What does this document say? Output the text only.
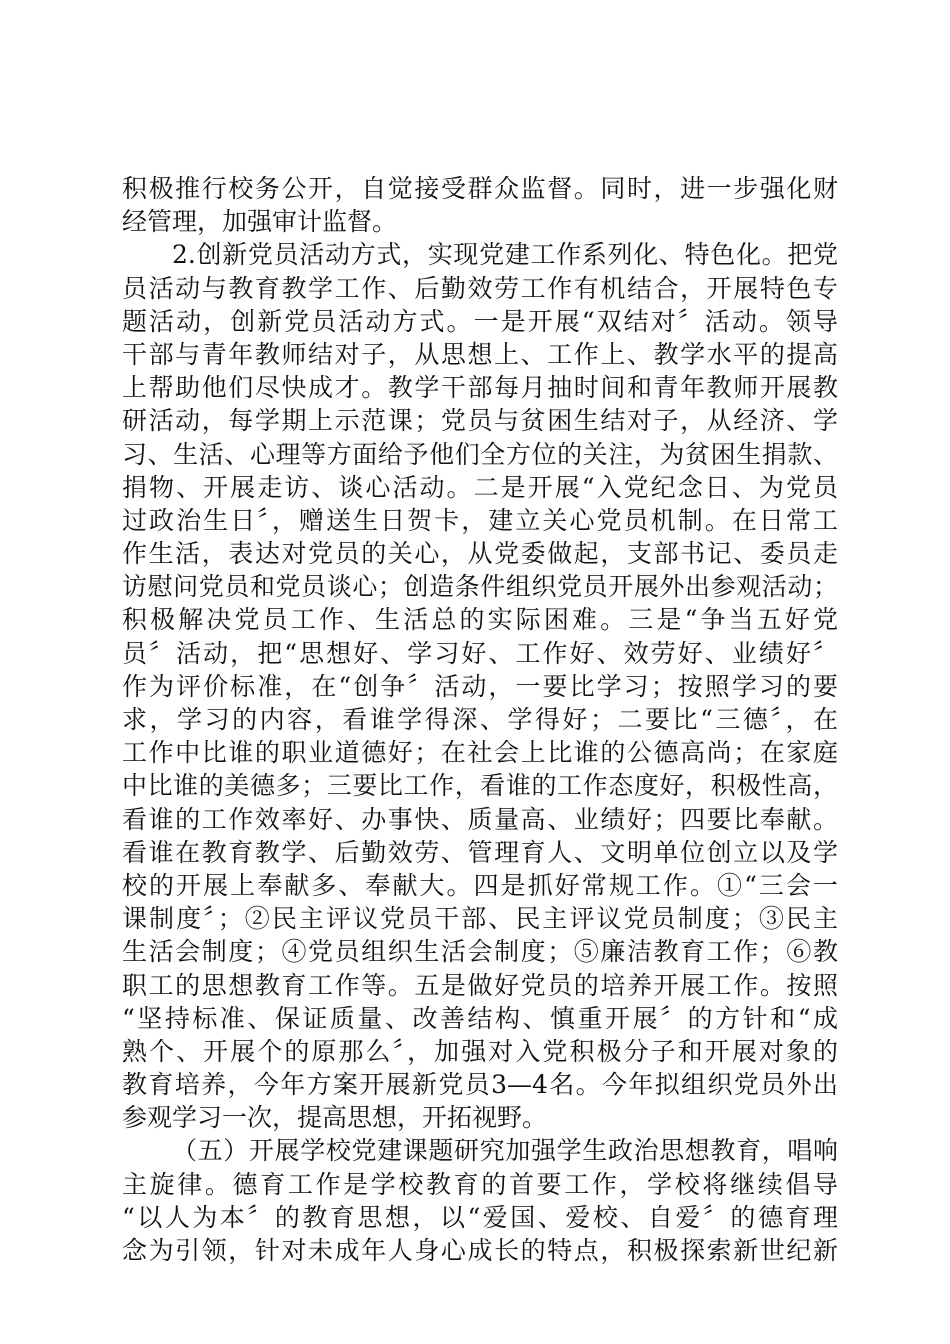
积极推行校务公开，自觉接受群众监督。同时，进一步强化财
经管理，加强审计监督。
2.创新党员活动方式，实现党建工作系列化、特色化。把党
员活动与教育教学工作、后勤效劳工作有机结合，开展特色专
题活动，创新党员活动方式。一是开展“双结对〞活动。领导
干部与青年教师结对子，从思想上、工作上、教学水平的提高
上帮助他们尽快成才。教学干部每月抽时间和青年教师开展教
研活动，每学期上示范课；党员与贫困生结对子，从经济、学
习、生活、心理等方面给予他们全方位的关注，为贫困生捐款、
捐物、开展走访、谈心活动。二是开展“入党纪念日、为党员
过政治生日〞，赠送生日贺卡，建立关心党员机制。在日常工
作生活，表达对党员的关心，从党委做起，支部书记、委员走
访慰问党员和党员谈心；创造条件组织党员开展外出参观活动；
积极解决党员工作、生活总的实际困难。三是“争当五好党
员〞活动，把“思想好、学习好、工作好、效劳好、业绩好〞
作为评价标准，在“创争〞活动，一要比学习；按照学习的要
求，学习的内容，看谁学得深、学得好；二要比“三德〞，在
工作中比谁的职业道德好；在社会上比谁的公德高尚；在家庭
中比谁的美德多；三要比工作，看谁的工作态度好，积极性高，
看谁的工作效率好、办事快、质量高、业绩好；四要比奉献。
看谁在教育教学、后勤效劳、管理育人、文明单位创立以及学
校的开展上奉献多、奉献大。四是抓好常规工作。①“三会一
课制度〞；②民主评议党员干部、民主评议党员制度；③民主
生活会制度；④党员组织生活会制度；⑤廉洁教育工作；⑥教
职工的思想教育工作等。五是做好党员的培养开展工作。按照
“坚持标准、保证质量、改善结构、慎重开展〞的方针和“成
熟个、开展个的原那么〞，加强对入党积极分子和开展对象的
教育培养，今年方案开展新党员3—4名。今年拟组织党员外出
参观学习一次，提高思想，开拓视野。
（五）开展学校党建课题研究加强学生政治思想教育，唱响
主旋律。德育工作是学校教育的首要工作，学校将继续倡导
“以人为本〞的教育思想，以“爱国、爱校、自爱〞的德育理
念为引领，针对未成年人身心成长的特点，积极探索新世纪新
